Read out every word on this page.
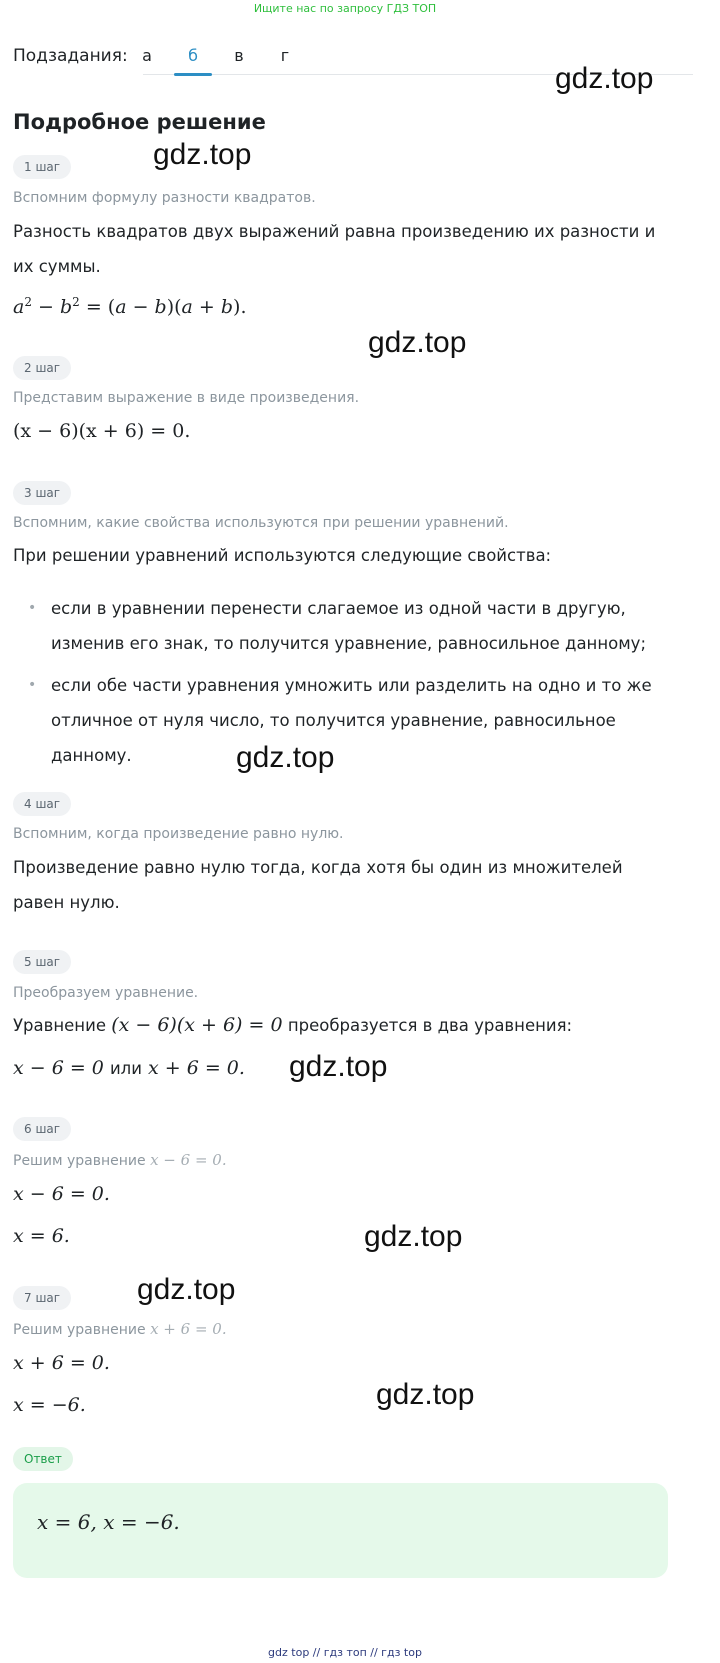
Ищите нас по запросу ГДЗ ТОП
Подзадания: а	б	в	г
gdz.top
gdz.top
gdz.top
gdz.top
gdz.top
gdz.top
gdz.top
gdz.top
Подробное решение
1 шаг
Вспомним формулу разности квадратов.
Разность квадратов двух выражений равна произведению их разности и их суммы.
$a^2 - b^2 = (a - b)(a + b)$.
2 шаг
Представим выражение в виде произведения.
(x − 6)(x + 6) = 0.
3 шаг
Вспомним, какие свойства используются при решении уравнений.
При решении уравнений используются следующие свойства:
• если в уравнении перенести слагаемое из одной части в другую, изменив его знак, то получится уравнение, равносильное данному;
• если обе части уравнения умножить или разделить на одно и то же отличное от нуля число, то получится уравнение, равносильное данному.
4 шаг
Вспомним, когда произведение равно нулю.
Произведение равно нулю тогда, когда хотя бы один из множителей равен нулю.
5 шаг
Преобразуем уравнение.
Уравнение (x − 6)(x + 6) = 0 преобразуется в два уравнения:
x − 6 = 0 или x + 6 = 0.
6 шаг
Решим уравнение x − 6 = 0.
x − 6 = 0.
x = 6.
7 шаг
Решим уравнение x + 6 = 0.
x + 6 = 0.
x = −6.
Ответ
x = 6, x = −6.
gdz top // гдз топ // гдз top
